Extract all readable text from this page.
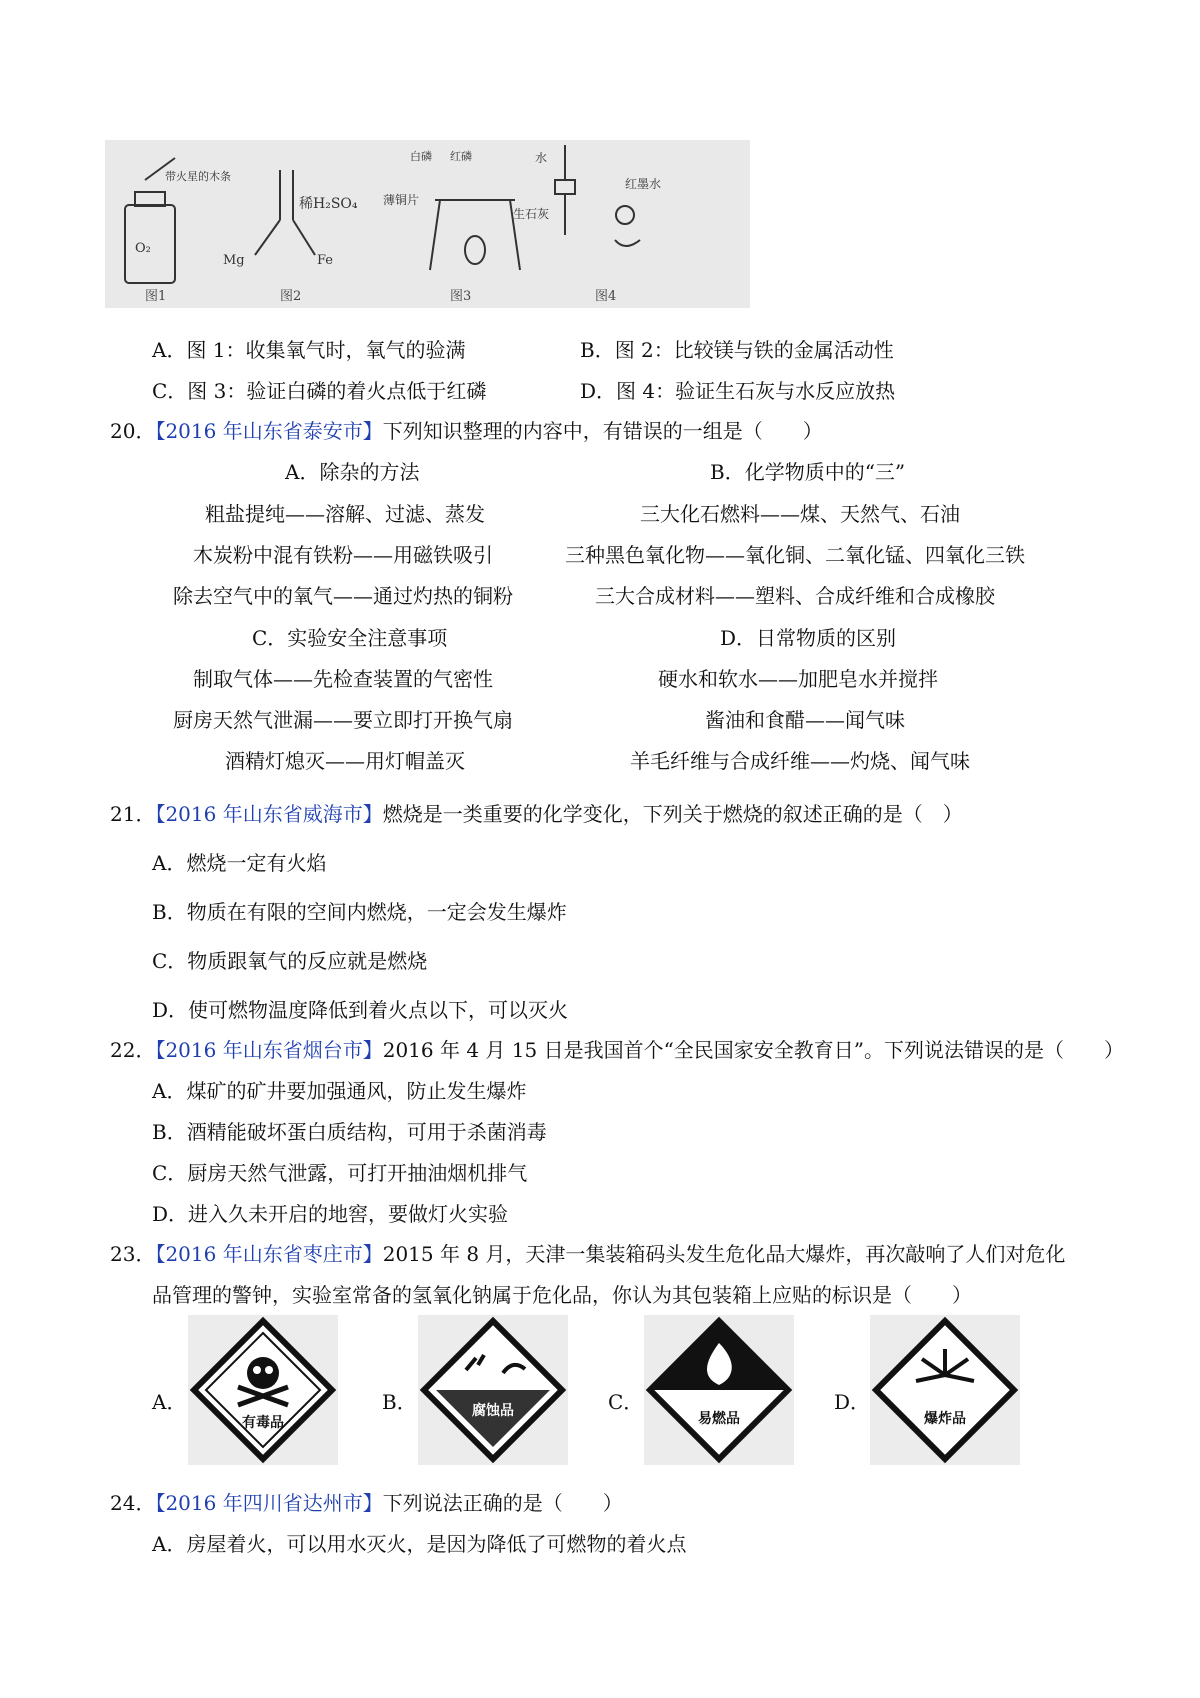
O₂
带火星的木条
稀H₂SO₄
Mg	Fe
白磷 红磷
薄铜片
水
生石灰
红墨水
图1	图2	图3	图4
A．图 1：收集氧气时，氧气的验满	B．图 2：比较镁与铁的金属活动性
C．图 3：验证白磷的着火点低于红磷	D．图 4：验证生石灰与水反应放热
20．【2016 年山东省泰安市】下列知识整理的内容中，有错误的一组是（　　）
A．除杂的方法	B．化学物质中的“三”
粗盐提纯——溶解、过滤、蒸发	三大化石燃料——煤、天然气、石油
木炭粉中混有铁粉——用磁铁吸引	三种黑色氧化物——氧化铜、二氧化锰、四氧化三铁
除去空气中的氧气——通过灼热的铜粉	三大合成材料——塑料、合成纤维和合成橡胶
C．实验安全注意事项	D．日常物质的区别
制取气体——先检查装置的气密性	硬水和软水——加肥皂水并搅拌
厨房天然气泄漏——要立即打开换气扇	酱油和食醋——闻气味
酒精灯熄灭——用灯帽盖灭	羊毛纤维与合成纤维——灼烧、闻气味
21．【2016 年山东省威海市】燃烧是一类重要的化学变化，下列关于燃烧的叙述正确的是（　）
A．燃烧一定有火焰
B．物质在有限的空间内燃烧，一定会发生爆炸
C．物质跟氧气的反应就是燃烧
D．使可燃物温度降低到着火点以下，可以灭火
22．【2016 年山东省烟台市】2016 年 4 月 15 日是我国首个“全民国家安全教育日”。下列说法错误的是（　　）
A．煤矿的矿井要加强通风，防止发生爆炸
B．酒精能破坏蛋白质结构，可用于杀菌消毒
C．厨房天然气泄露，可打开抽油烟机排气
D．进入久未开启的地窖，要做灯火实验
23．【2016 年山东省枣庄市】2015 年 8 月，天津一集装箱码头发生危化品大爆炸，再次敲响了人们对危化
品管理的警钟，实验室常备的氢氧化钠属于危化品，你认为其包装箱上应贴的标识是（　　）
A．
有毒品
B．	腐蚀品	C．
易燃品
D．
爆炸品
24．【2016 年四川省达州市】下列说法正确的是（　　）
A．房屋着火，可以用水灭火，是因为降低了可燃物的着火点
